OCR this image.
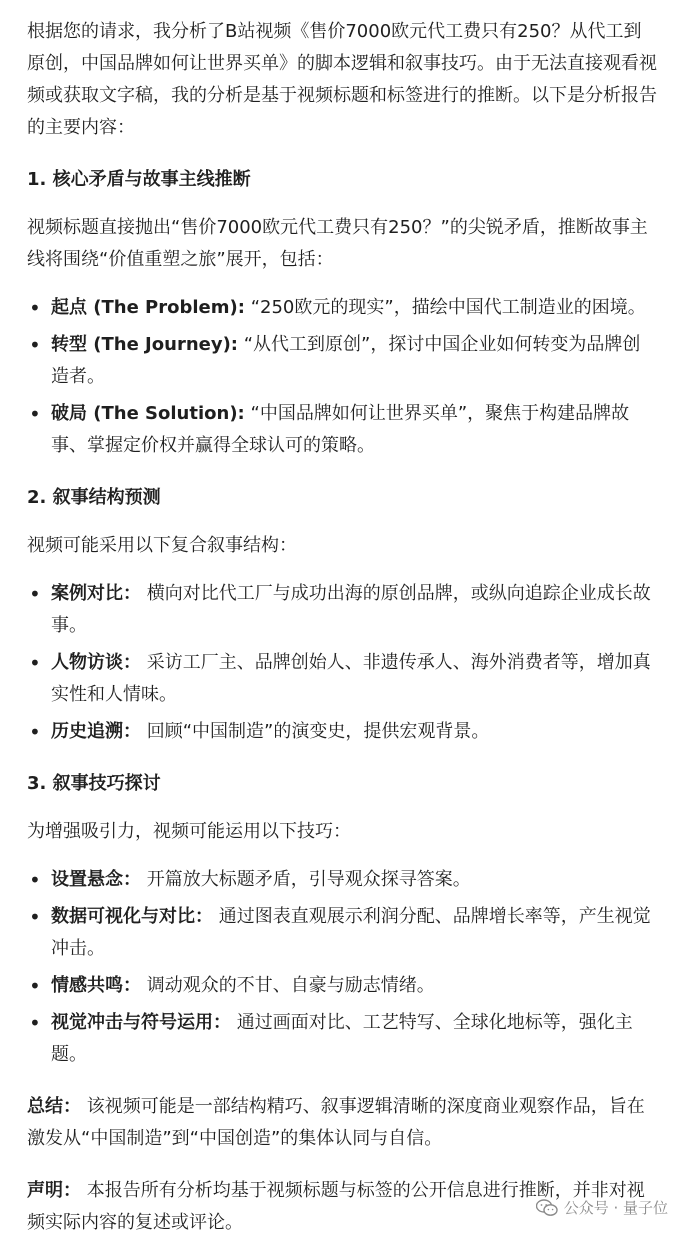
根据您的请求，我分析了B站视频《售价7000欧元代工费只有250？从代工到原创，中国品牌如何让世界买单》的脚本逻辑和叙事技巧。由于无法直接观看视频或获取文字稿，我的分析是基于视频标题和标签进行的推断。以下是分析报告的主要内容：

1. 核心矛盾与故事主线推断

视频标题直接抛出“售价7000欧元代工费只有250？”的尖锐矛盾，推断故事主线将围绕“价值重塑之旅”展开，包括：

• 起点 (The Problem): “250欧元的现实”，描绘中国代工制造业的困境。
• 转型 (The Journey): “从代工到原创”，探讨中国企业如何转变为品牌创造者。
• 破局 (The Solution): “中国品牌如何让世界买单”，聚焦于构建品牌故事、掌握定价权并赢得全球认可的策略。
2. 叙事结构预测

视频可能采用以下复合叙事结构：

• 案例对比： 横向对比代工厂与成功出海的原创品牌，或纵向追踪企业成长故事。
• 人物访谈： 采访工厂主、品牌创始人、非遗传承人、海外消费者等，增加真实性和人情味。
• 历史追溯： 回顾“中国制造”的演变史，提供宏观背景。
3. 叙事技巧探讨

为增强吸引力，视频可能运用以下技巧：

• 设置悬念： 开篇放大标题矛盾，引导观众探寻答案。
• 数据可视化与对比： 通过图表直观展示利润分配、品牌增长率等，产生视觉冲击。
• 情感共鸣： 调动观众的不甘、自豪与励志情绪。
• 视觉冲击与符号运用： 通过画面对比、工艺特写、全球化地标等，强化主题。

总结： 该视频可能是一部结构精巧、叙事逻辑清晰的深度商业观察作品，旨在激发从“中国制造”到“中国创造”的集体认同与自信。

声明： 本报告所有分析均基于视频标题与标签的公开信息进行推断，并非对视频实际内容的复述或评论。

公众号 · 量子位
